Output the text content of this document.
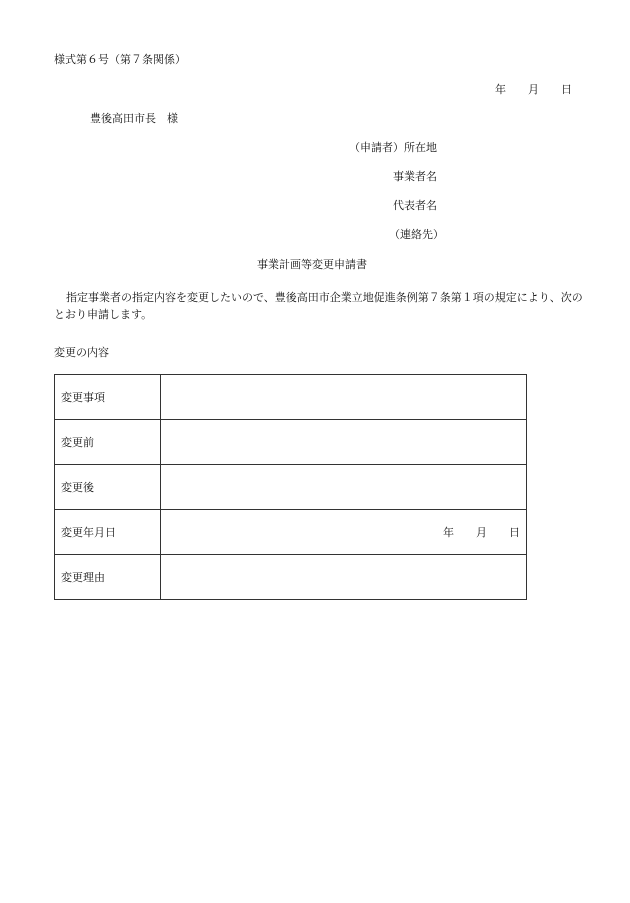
様式第６号（第７条関係）
年 月 日
豊後高田市長　様
（申請者）所在地
事業者名
代表者名
（連絡先）
事業計画等変更申請書
指定事業者の指定内容を変更したいので、豊後高田市企業立地促進条例第７条第１項の規定により、次のとおり申請します。
変更の内容
変更事項	
変更前	
変更後	
変更年月日	年 月 日
変更理由	
